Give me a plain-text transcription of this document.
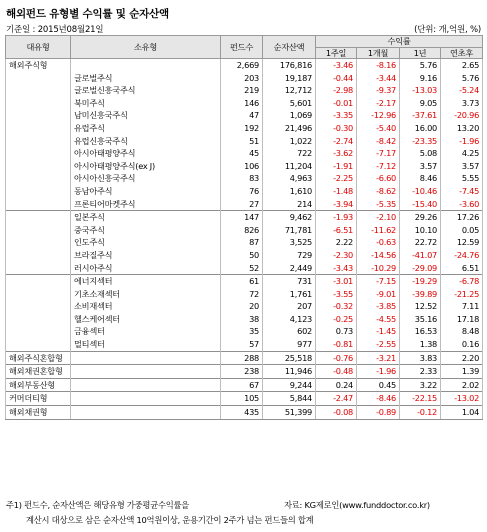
해외펀드 유형별 수익률 및 순자산액
기준일 : 2015년08월21일	(단위: 개,억원, %)
대유형	소유형	펀드수	순자산액	수익률			
				1주일	1개월	1년	연초후
해외주식형		2,669	176,816	-3.46	-8.16	5.76	2.65
	글로벌주식	203	19,187	-0.44	-3.44	9.16	5.76
	글로벌신흥국주식	219	12,712	-2.98	-9.37	-13.03	-5.24
	북미주식	146	5,601	-0.01	-2.17	9.05	3.73
	남미신흥국주식	47	1,069	-3.35	-12.96	-37.61	-20.96
	유럽주식	192	21,496	-0.30	-5.40	16.00	13.20
	유럽신흥국주식	51	1,022	-2.74	-8.42	-23.35	-1.96
	아시아태평양주식	45	722	-3.62	-7.17	5.08	4.25
	아시아태평양주식(ex J)	106	11,204	-1.91	-7.12	3.57	3.57
	아시아신흥국주식	83	4,963	-2.25	-6.60	8.46	5.55
	동남아주식	76	1,610	-1.48	-8.62	-10.46	-7.45
	프론티어마켓주식	27	214	-3.94	-5.35	-15.40	-3.60
	일본주식	147	9,462	-1.93	-2.10	29.26	17.26
	중국주식	826	71,781	-6.51	-11.62	10.10	0.05
	인도주식	87	3,525	2.22	-0.63	22.72	12.59
	브라질주식	50	729	-2.30	-14.56	-41.07	-24.76
	러시아주식	52	2,449	-3.43	-10.29	-29.09	6.51
	에너지섹터	61	731	-3.01	-7.15	-19.29	-6.78
	기초소재섹터	72	1,761	-3.55	-9.01	-39.89	-21.25
	소비재섹터	20	207	-0.32	-3.85	12.52	7.11
	헬스케어섹터	38	4,123	-0.25	-4.55	35.16	17.18
	금융섹터	35	602	0.73	-1.45	16.53	8.48
	멀티섹터	57	977	-0.81	-2.55	1.38	0.16
해외주식혼합형		288	25,518	-0.76	-3.21	3.83	2.20
해외채권혼합형		238	11,946	-0.48	-1.96	2.33	1.39
해외부동산형		67	9,244	0.24	0.45	3.22	2.02
커머더티형		105	5,844	-2.47	-8.46	-22.15	-13.02
해외채권형		435	51,399	-0.08	-0.89	-0.12	1.04
주1) 펀드수, 순자산액은 해당유형 가중평균수익률을	자료: KG제로인(www.funddoctor.co.kr)
계산시 대상으로 삼은 순자산액 10억원이상, 운용기간이 2주가 넘는 펀드들의 합계
